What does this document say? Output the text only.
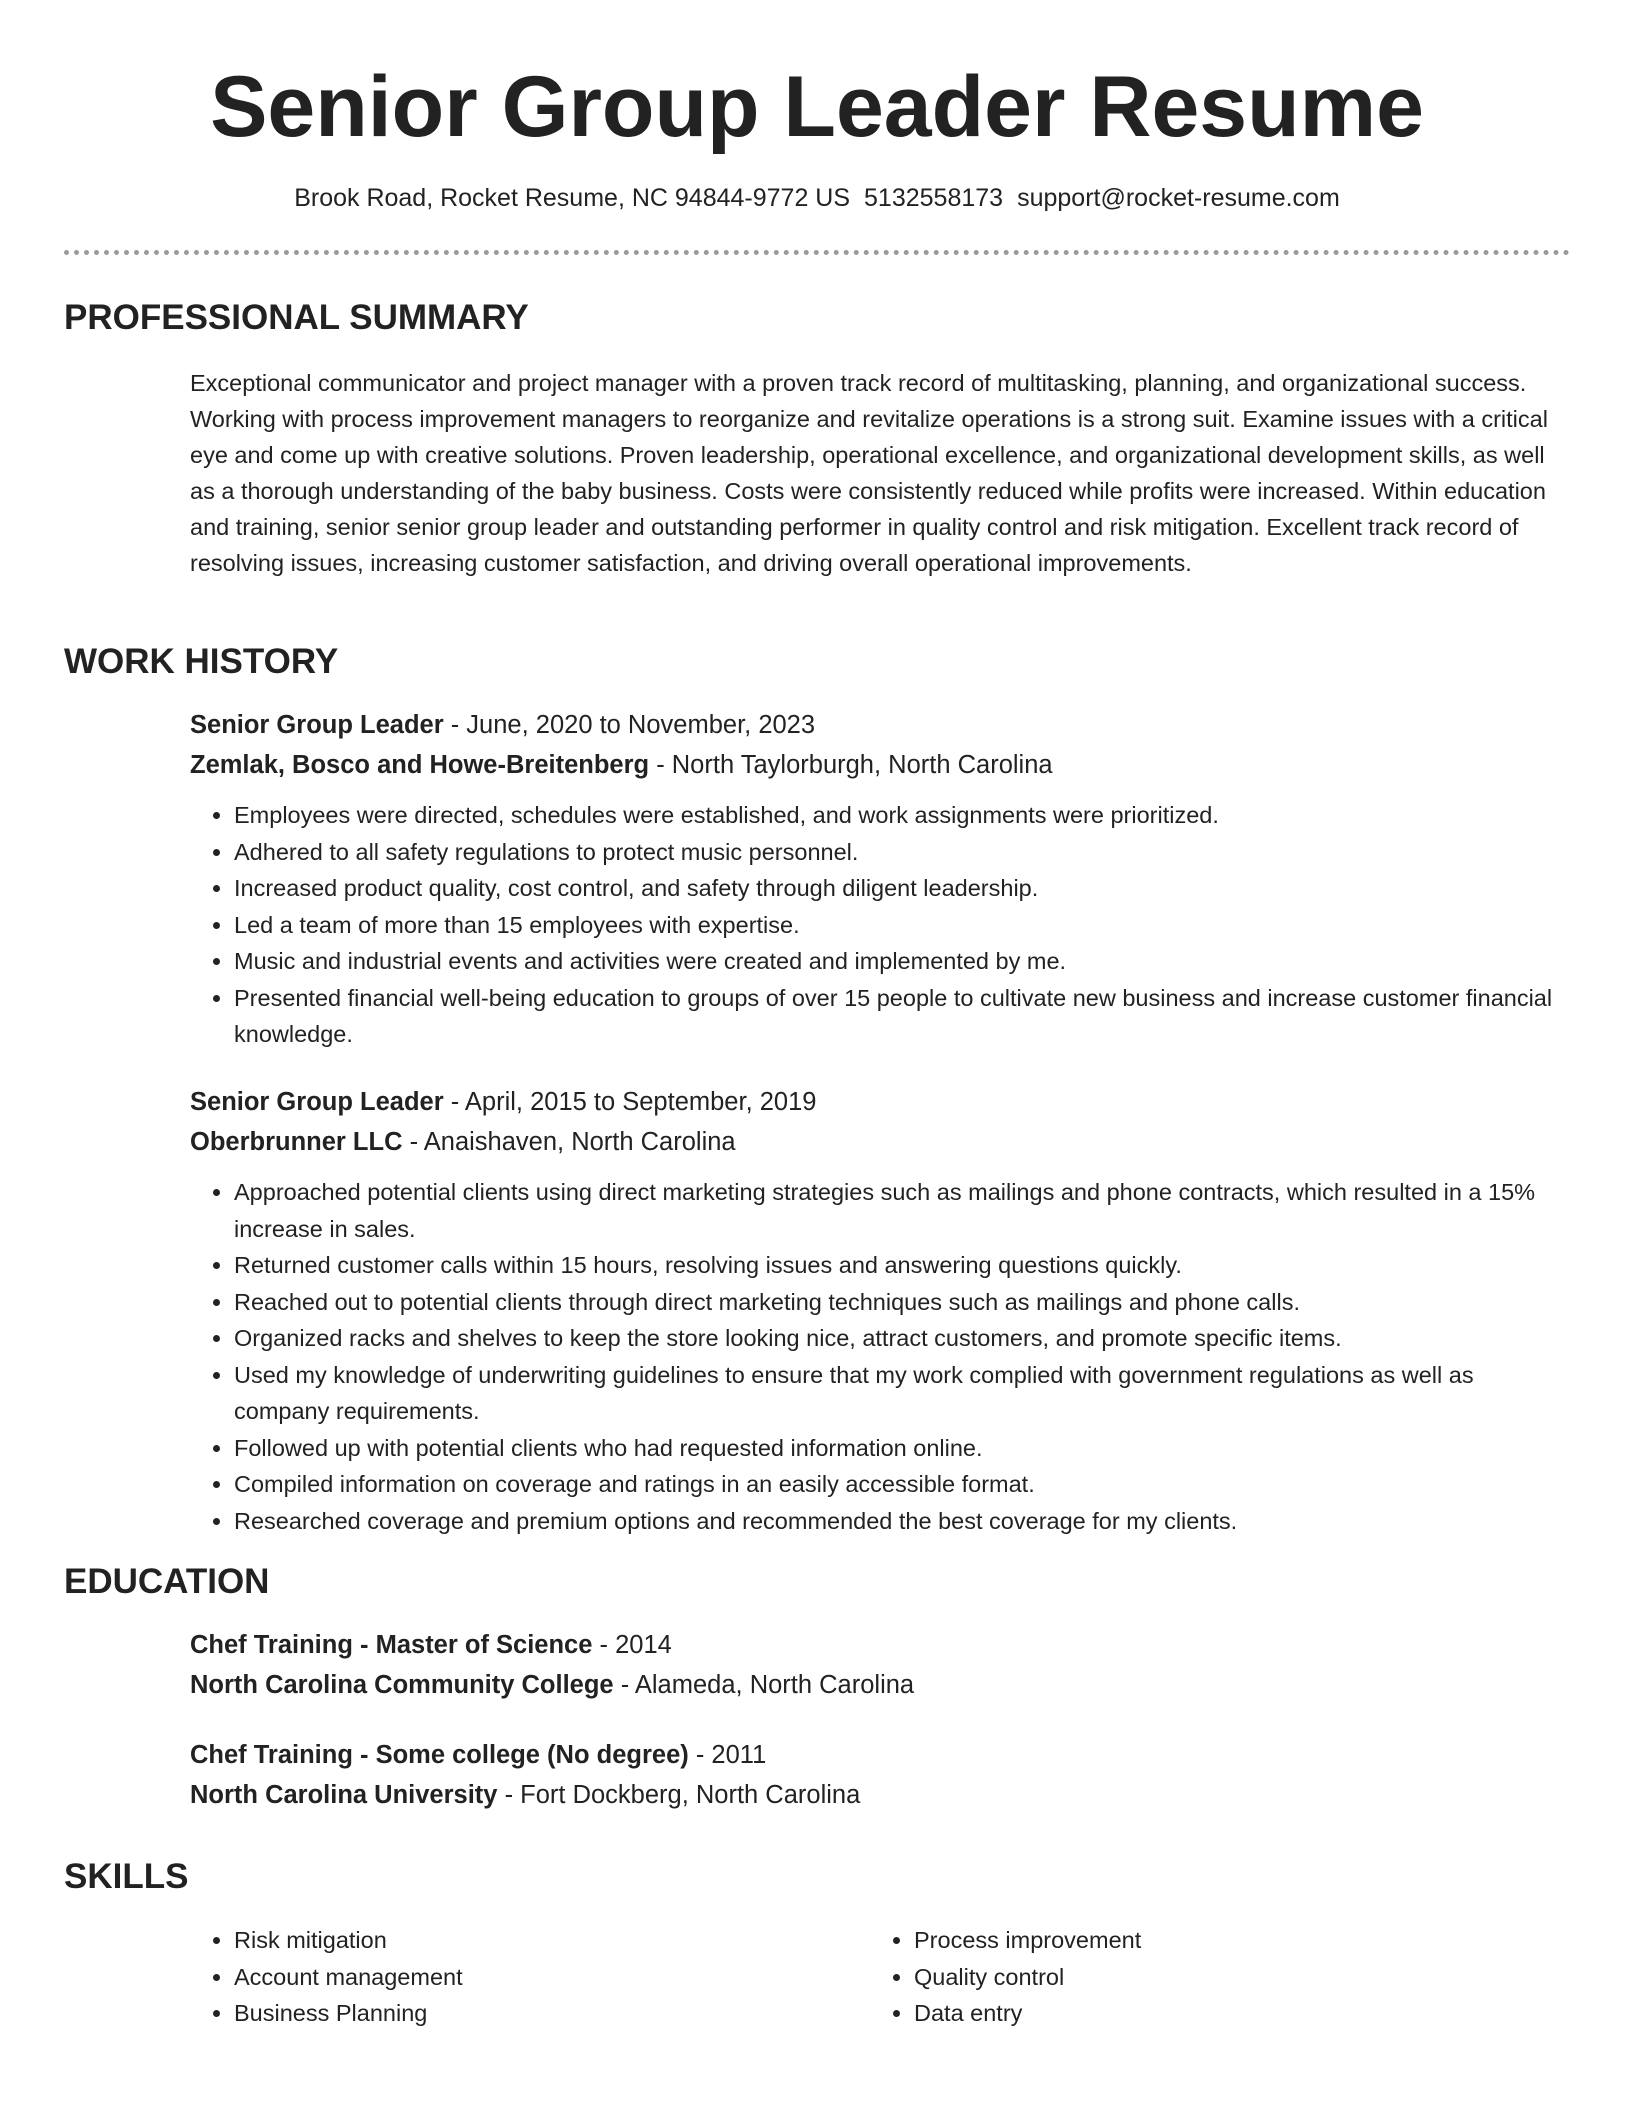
Senior Group Leader Resume
Brook Road, Rocket Resume, NC 94844-9772 US 5132558173 support@rocket-resume.com
PROFESSIONAL SUMMARY

Exceptional communicator and project manager with a proven track record of multitasking, planning, and organizational success. Working with process improvement managers to reorganize and revitalize operations is a strong suit. Examine issues with a critical eye and come up with creative solutions. Proven leadership, operational excellence, and organizational development skills, as well as a thorough understanding of the baby business. Costs were consistently reduced while profits were increased. Within education and training, senior senior group leader and outstanding performer in quality control and risk mitigation. Excellent track record of resolving issues, increasing customer satisfaction, and driving overall operational improvements.

WORK HISTORY

Senior Group Leader - June, 2020 to November, 2023

Zemlak, Bosco and Howe-Breitenberg - North Taylorburgh, North Carolina

• Employees were directed, schedules were established, and work assignments were prioritized.
• Adhered to all safety regulations to protect music personnel.
• Increased product quality, cost control, and safety through diligent leadership.
• Led a team of more than 15 employees with expertise.
• Music and industrial events and activities were created and implemented by me.
• Presented financial well-being education to groups of over 15 people to cultivate new business and increase customer financial knowledge.

Senior Group Leader - April, 2015 to September, 2019

Oberbrunner LLC - Anaishaven, North Carolina

• Approached potential clients using direct marketing strategies such as mailings and phone contracts, which resulted in a 15% increase in sales.
• Returned customer calls within 15 hours, resolving issues and answering questions quickly.
• Reached out to potential clients through direct marketing techniques such as mailings and phone calls.
• Organized racks and shelves to keep the store looking nice, attract customers, and promote specific items.
• Used my knowledge of underwriting guidelines to ensure that my work complied with government regulations as well as company requirements.
• Followed up with potential clients who had requested information online.
• Compiled information on coverage and ratings in an easily accessible format.
• Researched coverage and premium options and recommended the best coverage for my clients.
EDUCATION

Chef Training - Master of Science - 2014

North Carolina Community College - Alameda, North Carolina

Chef Training - Some college (No degree) - 2011

North Carolina University - Fort Dockberg, North Carolina

SKILLS
• Risk mitigation
• Account management
• Business Planning
• Process improvement
• Quality control
• Data entry
